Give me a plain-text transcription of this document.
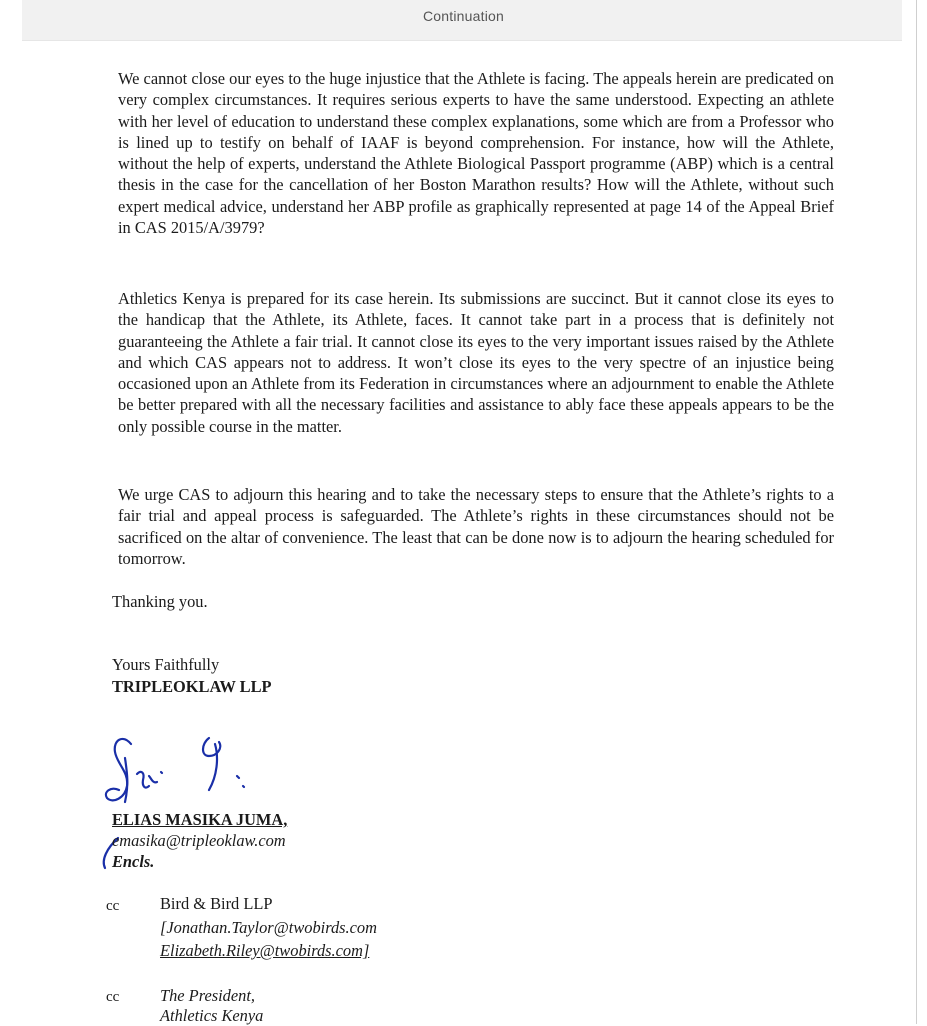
Continuation

We cannot close our eyes to the huge injustice that the Athlete is facing. The appeals herein are predicated on very complex circumstances. It requires serious experts to have the same understood. Expecting an athlete with her level of education to understand these complex explanations, some which are from a Professor who is lined up to testify on behalf of IAAF is beyond comprehension. For instance, how will the Athlete, without the help of experts, understand the Athlete Biological Passport programme (ABP) which is a central thesis in the case for the cancellation of her Boston Marathon results? How will the Athlete, without such expert medical advice, understand her ABP profile as graphically represented at page 14 of the Appeal Brief in CAS 2015/A/3979?

Athletics Kenya is prepared for its case herein. Its submissions are succinct. But it cannot close its eyes to the handicap that the Athlete, its Athlete, faces. It cannot take part in a process that is definitely not guaranteeing the Athlete a fair trial. It cannot close its eyes to the very important issues raised by the Athlete and which CAS appears not to address. It won’t close its eyes to the very spectre of an injustice being occasioned upon an Athlete from its Federation in circumstances where an adjournment to enable the Athlete be better prepared with all the necessary facilities and assistance to ably face these appeals appears to be the only possible course in the matter.

We urge CAS to adjourn this hearing and to take the necessary steps to ensure that the Athlete’s rights to a fair trial and appeal process is safeguarded. The Athlete’s rights in these circumstances should not be sacrificed on the altar of convenience. The least that can be done now is to adjourn the hearing scheduled for tomorrow.

Thanking you.
Yours Faithfully
TRIPLEOKLAW LLP
ELIAS MASIKA JUMA,
emasika@tripleoklaw.com
Encls.
cc Bird & Bird LLP
[Jonathan.Taylor@twobirds.com
Elizabeth.Riley@twobirds.com]
cc The President,
Athletics Kenya
